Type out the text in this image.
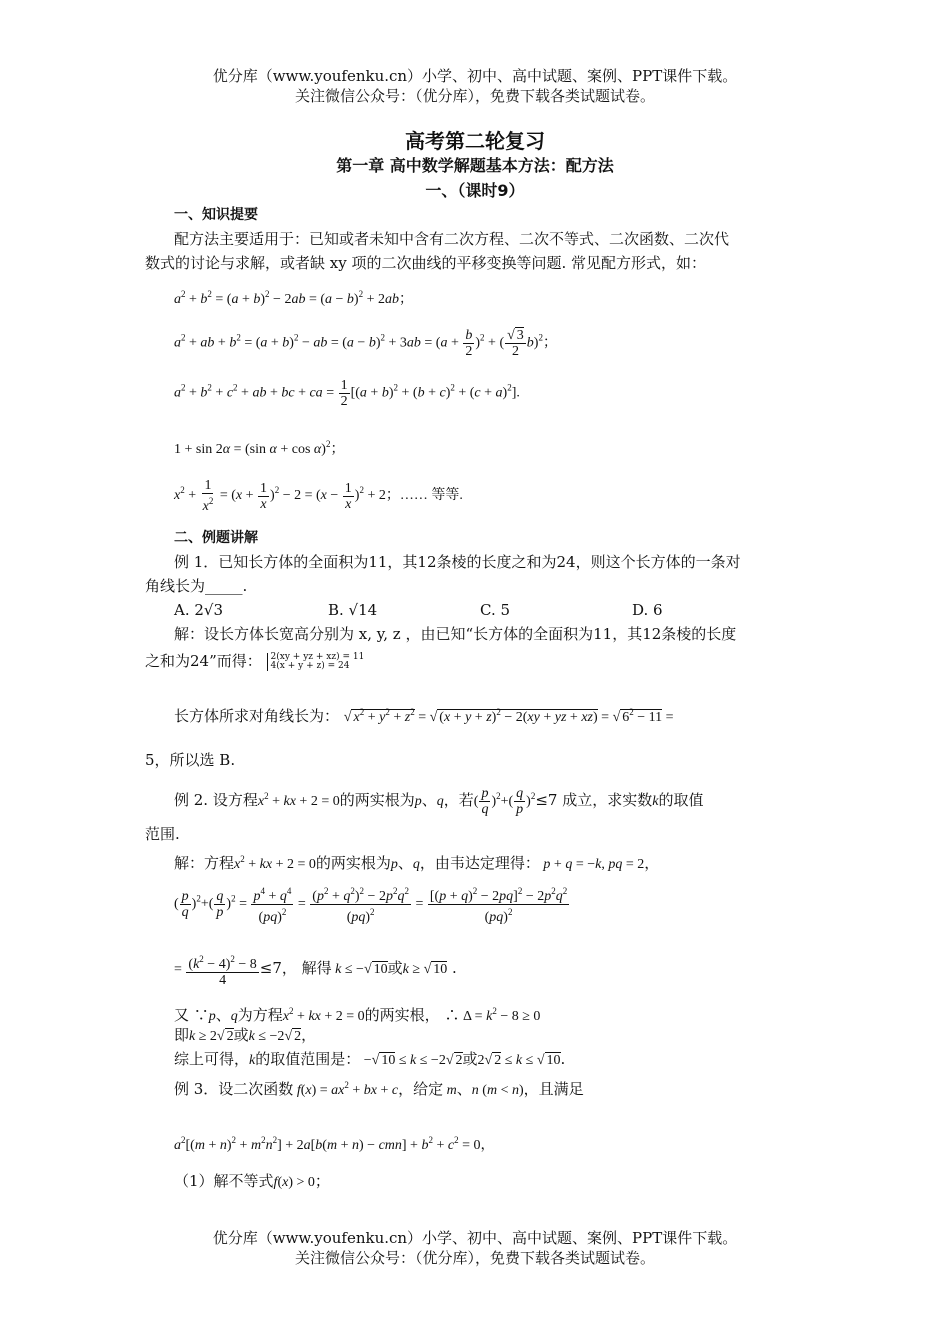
优分库（www.youfenku.cn）小学、初中、高中试题、案例、PPT课件下载。
关注微信公众号：（优分库），免费下载各类试题试卷。
高考第二轮复习
第一章 高中数学解题基本方法：配方法
一、（课时9）
一、知识提要
配方法主要适用于：已知或者未知中含有二次方程、二次不等式、二次函数、二次代
数式的讨论与求解，或者缺 xy 项的二次曲线的平移变换等问题. 常见配方形式，如：
$a^2 + b^2 = (a + b)^2 - 2ab = (a - b)^2 + 2ab$；
$a^2$ + ab + $b^2 = (a + b)^2$ − ab = $(a - b)^2 + 3ab = (a + \frac{b}{2} )^2$ + ( √ $\frac{3}{2} b)^2$；
$a^2 + b^2 + c^2$ + ab + bc + ca = $\frac{1}{2} [(a + b)^2 + (b + c)^2 + (c + a)^2]$.
1 + sin 2α = (sin α + cos α)$^2$；
$x^2 + \frac{1}{x^2} = (x + \frac{1}{x} )^2 - 2 = (x - \frac{1}{x} )^2 + 2$；…… 等等.
二、例题讲解
例 1．已知长方体的全面积为11，其12条棱的长度之和为24，则这个长方体的一条对
角线长为_____.
A. 2√3	B. √14	C. 5	D. 6
解：设长方体长宽高分别为 x, y, z ，由已知“长方体的全面积为11，其12条棱的长度
之和为24”而得： 2(xy + yz + xz) = 11
4(x + y + z) = 24
长方体所求对角线长为： √ $x^2 + y^2 + z^2$ = √ $(x + y + z)^2 - 2(xy$ + yz + xz) = √ $6^2 - 11$ =
5，所以选 B.
例 2. 设方程$x^2$ + kx + 2 = 0的两实根为p、q，若( $\frac{p}{q} )^2+( \frac{q}{p} )^2\le 7$ 成立，求实数k的取值
范围.
解：方程$x^2$ + kx + 2 = 0的两实根为p、q，由韦达定理得： p + q = −k, pq = 2，
( $\frac{p}{q} )^2+( \frac{q}{p} )^2 = \frac{p^4 + q^4}{(pq)^2} = \frac{(p^2 + q^2)^2 - 2p^2q^2}{(pq)^2} = \frac{[(p + q)^2 - 2pq]^2 - 2p^2q^2}{(pq)^2}$
= $\frac{(k^2 - 4)^2 - 8}{4} \le 7$， 解得 k ≤ − √ 10或k ≥ √ 10 .
又 ∵p、q为方程$x^2$ + kx + 2 = 0的两实根， ∴ $\Delta = k^2 - 8 \ge 0$
即k ≥ 2 √ 2或k ≤ −2 √ 2，
综上可得，k的取值范围是： − √ 10 ≤ k ≤ −2 √ 2或2 √ 2 ≤ k ≤ √ 10.
例 3．设二次函数 $f(x) = ax^2$ + bx + c，给定 m、n (m < n)，且满足
$a^2[(m + n)^2 + m^2n^2] + 2a[b(m + n) - cmn] + b^2 + c^2 = 0$，
（1）解不等式f(x) > 0；
优分库（www.youfenku.cn）小学、初中、高中试题、案例、PPT课件下载。
关注微信公众号：（优分库），免费下载各类试题试卷。
